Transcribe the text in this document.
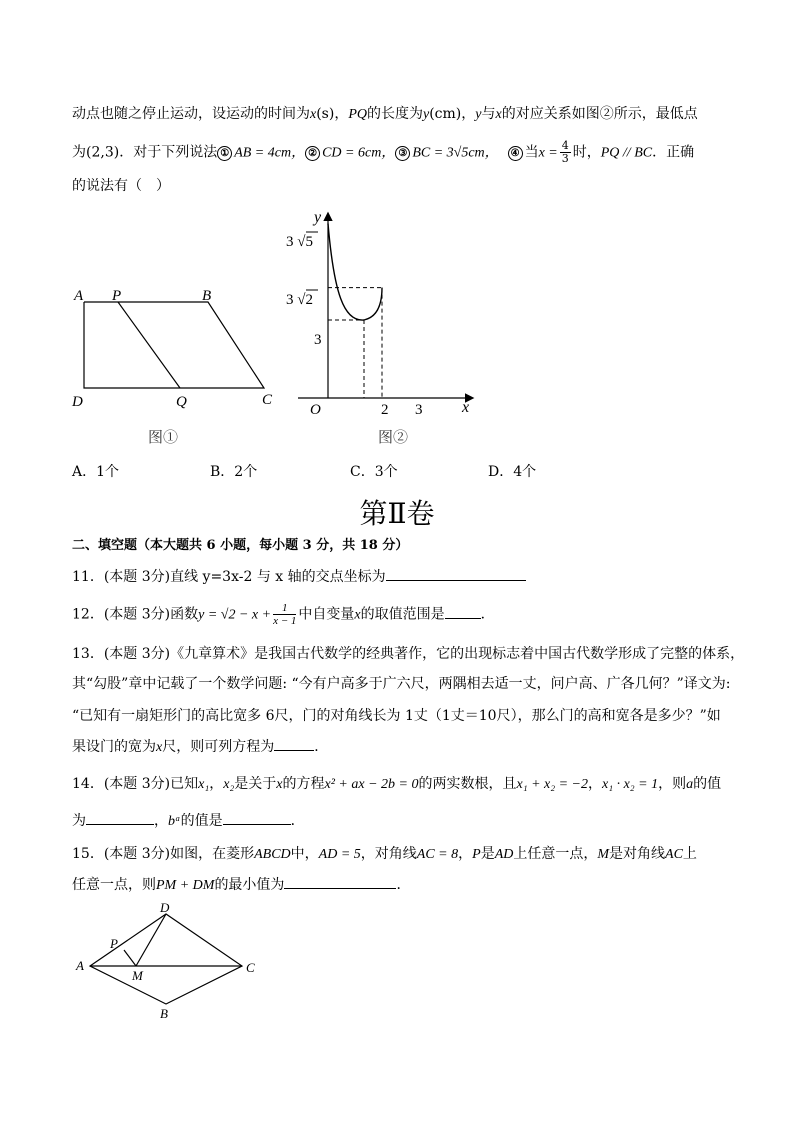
动点也随之停止运动，设运动的时间为x(s)，PQ的长度为y(cm)，y与x的对应关系如图②所示，最低点
为(2,3)．对于下列说法 ① AB = 4cm， ② CD = 6cm， ③ BC = 3√5cm， ④ 当$x = \frac{4}{3}$ 时，PQ // BC．正确
的说法有（　）
A P	B
D	Q	C
图①
y
x
O
3 √5
3 √2
3
2 3
图②
A．1个	B．2个	C．3个	D．4个
第Ⅱ卷
二、填空题（本大题共 6 小题，每小题 3 分，共 18 分）
11．(本题 3分)直线 y=3x-2 与 x 轴的交点坐标为
12．(本题 3分)函数$y = √2 - x + \frac{1}{x - 1}$ 中自变量x的取值范围是	．
13．(本题 3分)《九章算术》是我国古代数学的经典著作，它的出现标志着中国古代数学形成了完整的体系，
其“勾股”章中记载了一个数学问题: “今有户高多于广六尺，两隅相去适一丈，问户高、广各几何？”译文为:
“已知有一扇矩形门的高比宽多 6尺，门的对角线长为 1丈（1丈＝10尺），那么门的高和宽各是多少？”如
果设门的宽为x尺，则可列方程为	．
14．(本题 3分)已知x₁，x₂是关于x的方程x² + ax − 2b = 0的两实数根，且x₁ + x₂ = −2，x₁ · x₂ = 1，则a的值
为	，bᵃ的值是	．
15．(本题 3分)如图，在菱形ABCD中，AD = 5，对角线AC = 8，P是AD上任意一点，M是对角线AC上
任意一点，则PM + DM的最小值为	．
D
P
A
M
C
B
